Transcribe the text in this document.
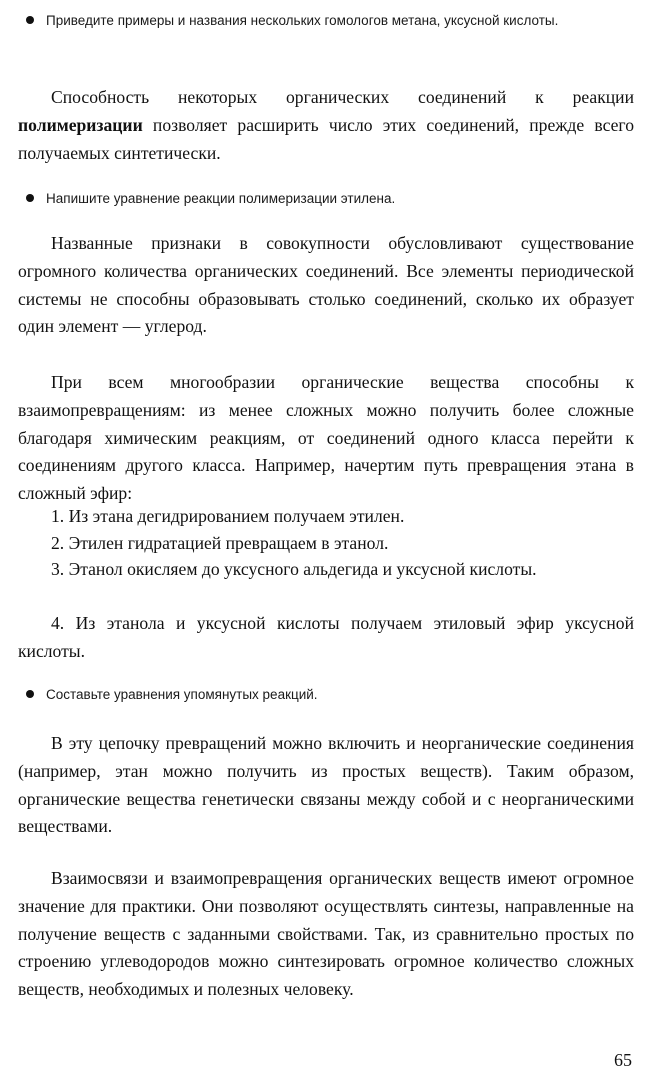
Приведите примеры и названия нескольких гомологов метана, уксусной кислоты.
Способность некоторых органических соединений к реакции полимеризации позволяет расширить число этих соединений, прежде всего получаемых синтетически.
Напишите уравнение реакции полимеризации этилена.
Названные признаки в совокупности обусловливают существование огромного количества органических соединений. Все элементы периодической системы не способны образовывать столько соединений, сколько их образует один элемент — углерод.
При всем многообразии органические вещества способны к взаимопревращениям: из менее сложных можно получить более сложные благодаря химическим реакциям, от соединений одного класса перейти к соединениям другого класса. Например, начертим путь превращения этана в сложный эфир:
1. Из этана дегидрированием получаем этилен.
2. Этилен гидратацией превращаем в этанол.
3. Этанол окисляем до уксусного альдегида и уксусной кислоты.
4. Из этанола и уксусной кислоты получаем этиловый эфир уксусной кислоты.
Составьте уравнения упомянутых реакций.
В эту цепочку превращений можно включить и неорганические соединения (например, этан можно получить из простых веществ). Таким образом, органические вещества генетически связаны между собой и с неорганическими веществами.
Взаимосвязи и взаимопревращения органических веществ имеют огромное значение для практики. Они позволяют осуществлять синтезы, направленные на получение веществ с заданными свойствами. Так, из сравнительно простых по строению углеводородов можно синтезировать огромное количество сложных веществ, необходимых и полезных человеку.
65
